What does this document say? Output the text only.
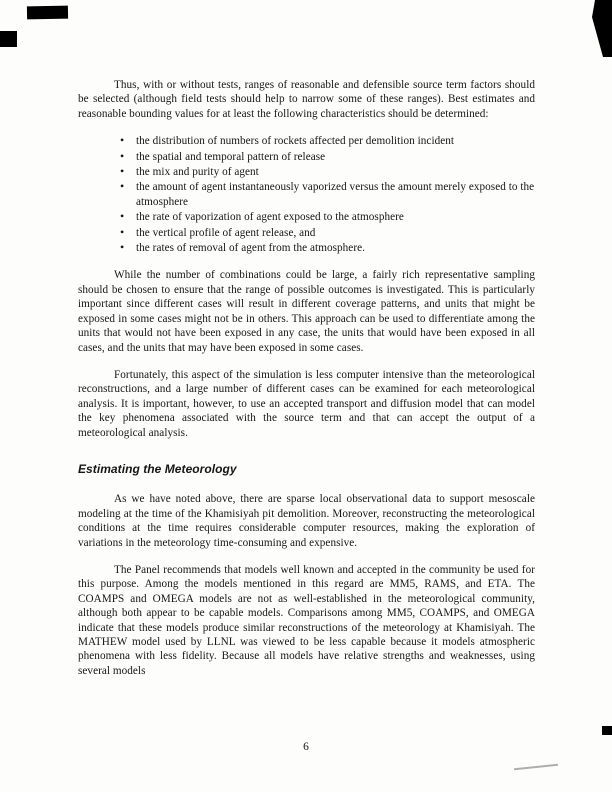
Thus, with or without tests, ranges of reasonable and defensible source term factors should be selected (although field tests should help to narrow some of these ranges). Best estimates and reasonable bounding values for at least the following characteristics should be determined:

• the distribution of numbers of rockets affected per demolition incident
• the spatial and temporal pattern of release
• the mix and purity of agent
• the amount of agent instantaneously vaporized versus the amount merely exposed to the atmosphere
• the rate of vaporization of agent exposed to the atmosphere
• the vertical profile of agent release, and
• the rates of removal of agent from the atmosphere.

While the number of combinations could be large, a fairly rich representative sampling should be chosen to ensure that the range of possible outcomes is investigated. This is particularly important since different cases will result in different coverage patterns, and units that might be exposed in some cases might not be in others. This approach can be used to differentiate among the units that would not have been exposed in any case, the units that would have been exposed in all cases, and the units that may have been exposed in some cases.

Fortunately, this aspect of the simulation is less computer intensive than the meteorological reconstructions, and a large number of different cases can be examined for each meteorological analysis. It is important, however, to use an accepted transport and diffusion model that can model the key phenomena associated with the source term and that can accept the output of a meteorological analysis.

Estimating the Meteorology

As we have noted above, there are sparse local observational data to support mesoscale modeling at the time of the Khamisiyah pit demolition. Moreover, reconstructing the meteorological conditions at the time requires considerable computer resources, making the exploration of variations in the meteorology time-consuming and expensive.

The Panel recommends that models well known and accepted in the community be used for this purpose. Among the models mentioned in this regard are MM5, RAMS, and ETA. The COAMPS and OMEGA models are not as well-established in the meteorological community, although both appear to be capable models. Comparisons among MM5, COAMPS, and OMEGA indicate that these models produce similar reconstructions of the meteorology at Khamisiyah. The MATHEW model used by LLNL was viewed to be less capable because it models atmospheric phenomena with less fidelity. Because all models have relative strengths and weaknesses, using several models

6
